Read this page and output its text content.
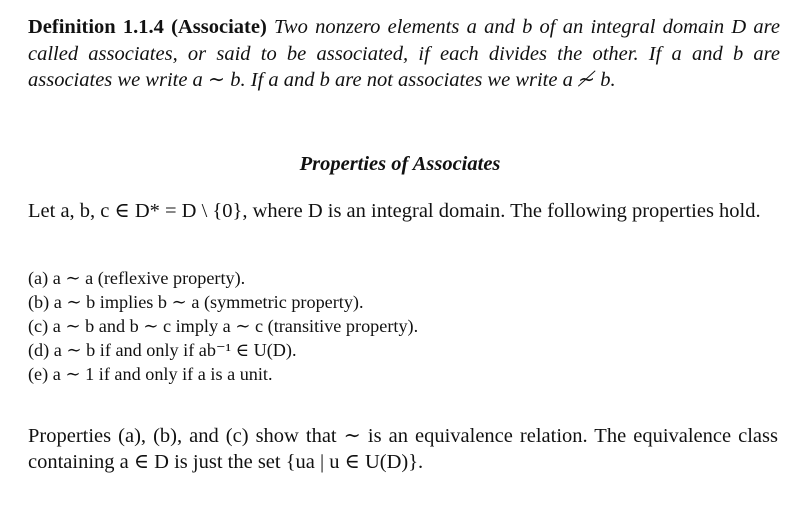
Definition 1.1.4 (Associate) Two nonzero elements a and b of an integral domain D are called associates, or said to be associated, if each divides the other. If a and b are associates we write a ∼ b. If a and b are not associates we write a ≁ b.

Properties of Associates

Let a, b, c ∈ D* = D \ {0}, where D is an integral domain. The following properties hold.

(a) a ∼ a (reflexive property).
(b) a ∼ b implies b ∼ a (symmetric property).
(c) a ∼ b and b ∼ c imply a ∼ c (transitive property).
(d) a ∼ b if and only if ab⁻¹ ∈ U(D).
(e) a ∼ 1 if and only if a is a unit.

Properties (a), (b), and (c) show that ∼ is an equivalence relation. The equivalence class containing a ∈ D is just the set {ua | u ∈ U(D)}.
